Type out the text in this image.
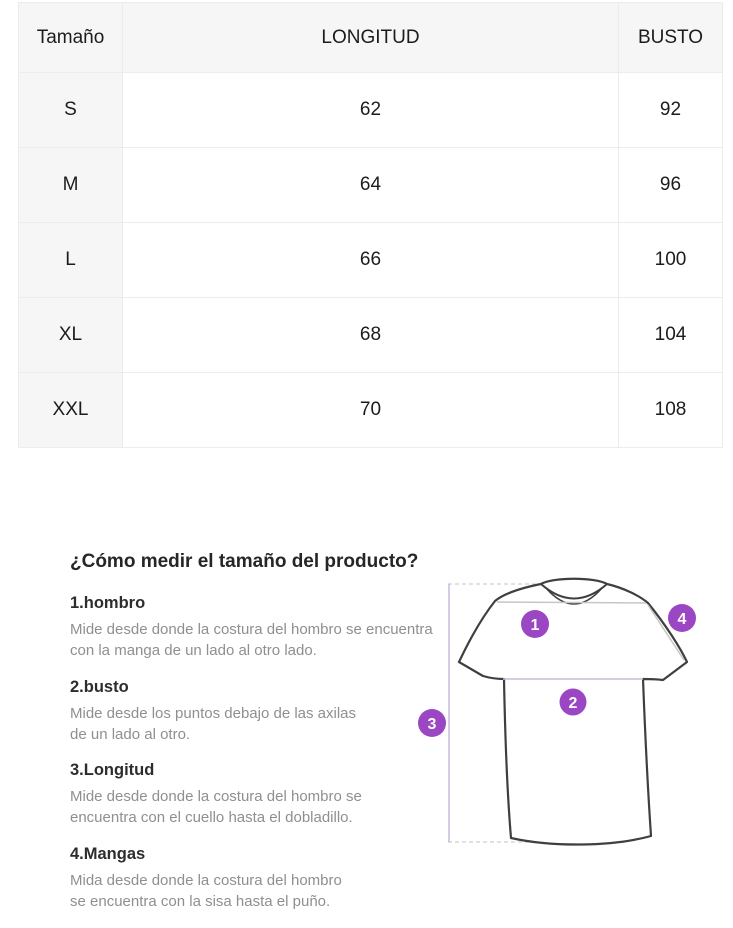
Tamaño	LONGITUD	BUSTO
S	62	92
M	64	96
L	66	100
XL	68	104
XXL	70	108
¿Cómo medir el tamaño del producto?
1.hombro
Mide desde donde la costura del hombro se encuentra
con la manga de un lado al otro lado.
2.busto
Mide desde los puntos debajo de las axilas
de un lado al otro.
3.Longitud
Mide desde donde la costura del hombro se
encuentra con el cuello hasta el dobladillo.
4.Mangas
Mida desde donde la costura del hombro
se encuentra con la sisa hasta el puño.
1
2
3
4
